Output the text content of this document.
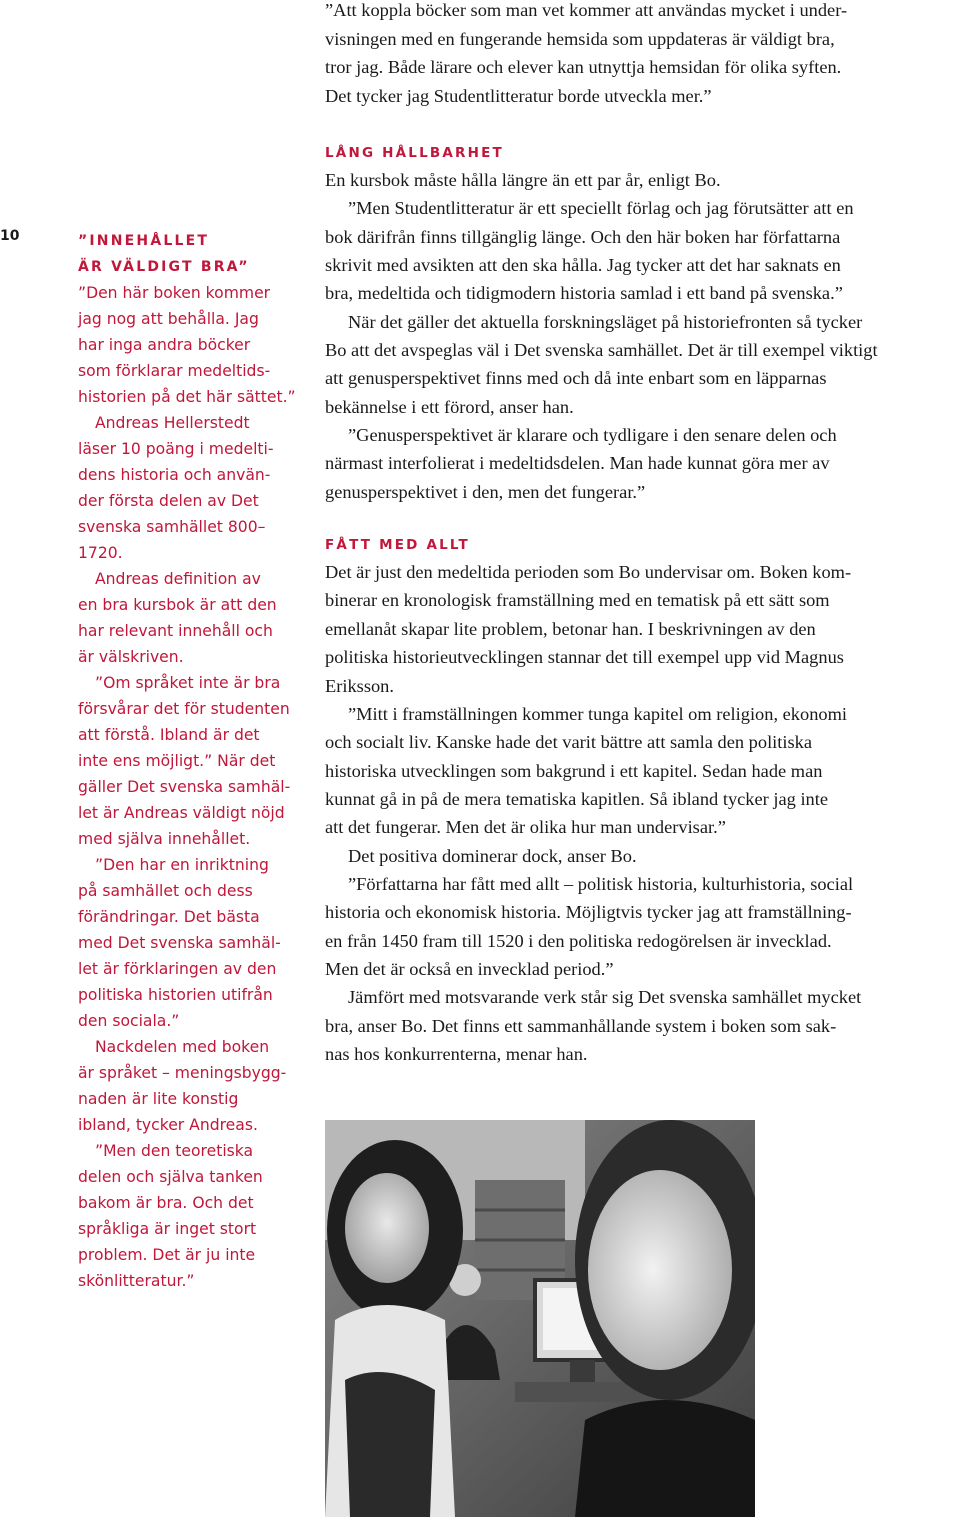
”Att koppla böcker som man vet kommer att användas mycket i under-
visningen med en fungerande hemsida som uppdateras är väldigt bra,
tror jag. Både lärare och elever kan utnyttja hemsidan för olika syften.
Det tycker jag Studentlitteratur borde utveckla mer.”
10	”INNEHÅLLET
ÄR VÄLDIGT BRA”
”Den här boken kommer
jag nog att behålla. Jag
har inga andra böcker
som förklarar medeltids-
historien på det här sättet.”
Andreas Hellerstedt
läser 10 poäng i medelti-
dens historia och använ-
der första delen av Det
svenska samhället 800–
1720.
Andreas definition av
en bra kursbok är att den
har relevant innehåll och
är välskriven.
”Om språket inte är bra
försvårar det för studenten
att förstå. Ibland är det
inte ens möjligt.” När det
gäller Det svenska samhäl-
let är Andreas väldigt nöjd
med själva innehållet.
”Den har en inriktning
på samhället och dess
förändringar. Det bästa
med Det svenska samhäl-
let är förklaringen av den
politiska historien utifrån
den sociala.”
Nackdelen med boken
är språket – meningsbygg-
naden är lite konstig
ibland, tycker Andreas.
”Men den teoretiska
delen och själva tanken
bakom är bra. Och det
språkliga är inget stort
problem. Det är ju inte
skönlitteratur.”
LÅNG HÅLLBARHET
En kursbok måste hålla längre än ett par år, enligt Bo.
”Men Studentlitteratur är ett speciellt förlag och jag förutsätter att en
bok därifrån finns tillgänglig länge. Och den här boken har författarna
skrivit med avsikten att den ska hålla. Jag tycker att det har saknats en
bra, medeltida och tidigmodern historia samlad i ett band på svenska.”
När det gäller det aktuella forskningsläget på historiefronten så tycker
Bo att det avspeglas väl i Det svenska samhället. Det är till exempel viktigt
att genusperspektivet finns med och då inte enbart som en läpparnas
bekännelse i ett förord, anser han.
”Genusperspektivet är klarare och tydligare i den senare delen och
närmast interfolierat i medeltidsdelen. Man hade kunnat göra mer av
genusperspektivet i den, men det fungerar.”
FÅTT MED ALLT
Det är just den medeltida perioden som Bo undervisar om. Boken kom-
binerar en kronologisk framställning med en tematisk på ett sätt som
emellanåt skapar lite problem, betonar han. I beskrivningen av den
politiska historieutvecklingen stannar det till exempel upp vid Magnus
Eriksson.
”Mitt i framställningen kommer tunga kapitel om religion, ekonomi
och socialt liv. Kanske hade det varit bättre att samla den politiska
historiska utvecklingen som bakgrund i ett kapitel. Sedan hade man
kunnat gå in på de mera tematiska kapitlen. Så ibland tycker jag inte
att det fungerar. Men det är olika hur man undervisar.”
Det positiva dominerar dock, anser Bo.
”Författarna har fått med allt – politisk historia, kulturhistoria, social
historia och ekonomisk historia. Möjligtvis tycker jag att framställning-
en från 1450 fram till 1520 i den politiska redogörelsen är invecklad.
Men det är också en invecklad period.”
Jämfört med motsvarande verk står sig Det svenska samhället mycket
bra, anser Bo. Det finns ett sammanhållande system i boken som sak-
nas hos konkurrenterna, menar han.
